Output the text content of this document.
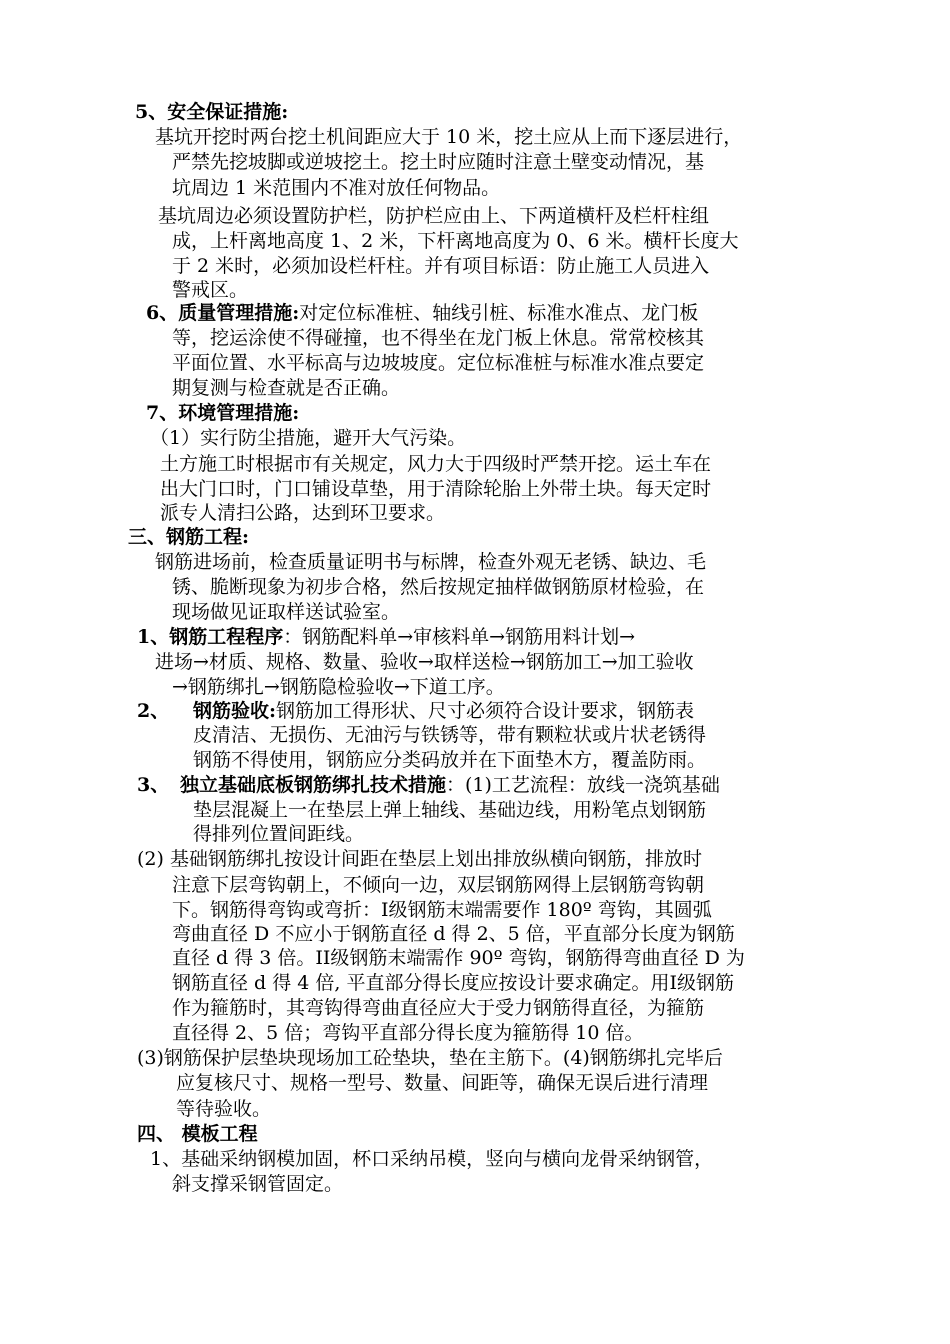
5、安全保证措施:
基坑开挖时两台挖土机间距应大于 10 米，挖土应从上而下逐层进行，
严禁先挖坡脚或逆坡挖土。挖土时应随时注意土壁变动情况，基
坑周边 1 米范围内不准对放任何物品。
基坑周边必须设置防护栏，防护栏应由上、下两道横杆及栏杆柱组
成，上杆离地高度 1、2 米，下杆离地高度为 0、6 米。横杆长度大
于 2 米时，必须加设栏杆柱。并有项目标语：防止施工人员进入
警戒区。
6、质量管理措施:对定位标准桩、轴线引桩、标准水准点、龙门板
等，挖运涂使不得碰撞，也不得坐在龙门板上休息。常常校核其
平面位置、水平标高与边坡坡度。定位标准桩与标准水准点要定
期复测与检查就是否正确。
7、环境管理措施:
（1）实行防尘措施，避开大气污染。
土方施工时根据市有关规定，风力大于四级时严禁开挖。运土车在
出大门口时，门口铺设草垫，用于清除轮胎上外带土块。每天定时
派专人清扫公路，达到环卫要求。
三、钢筋工程:
钢筋进场前，检查质量证明书与标牌，检查外观无老锈、缺边、毛
锈、脆断现象为初步合格，然后按规定抽样做钢筋原材检验，在
现场做见证取样送试验室。
1、钢筋工程程序：钢筋配料单→审核料单→钢筋用料计划→
进场→材质、规格、数量、验收→取样送检→钢筋加工→加工验收
→钢筋绑扎→钢筋隐检验收→下道工序。
2、 钢筋验收:钢筋加工得形状、尺寸必须符合设计要求，钢筋表
皮清洁、无损伤、无油污与铁锈等，带有颗粒状或片状老锈得
钢筋不得使用，钢筋应分类码放并在下面垫木方，覆盖防雨。
3、 独立基础底板钢筋绑扎技术措施：(1)工艺流程：放线一浇筑基础
垫层混凝上一在垫层上弹上轴线、基础边线，用粉笔点划钢筋
得排列位置间距线。
(2) 基础钢筋绑扎按设计间距在垫层上划出排放纵横向钢筋，排放时
注意下层弯钩朝上，不倾向一边，双层钢筋网得上层钢筋弯钩朝
下。钢筋得弯钩或弯折：I级钢筋末端需要作 180º 弯钩，其圆弧
弯曲直径 D 不应小于钢筋直径 d 得 2、5 倍，平直部分长度为钢筋
直径 d 得 3 倍。II级钢筋末端需作 90º 弯钩，钢筋得弯曲直径 D 为
钢筋直径 d 得 4 倍, 平直部分得长度应按设计要求确定。用Ⅰ级钢筋
作为箍筋时，其弯钩得弯曲直径应大于受力钢筋得直径，为箍筋
直径得 2、5 倍；弯钩平直部分得长度为箍筋得 10 倍。
(3)钢筋保护层垫块现场加工砼垫块，垫在主筋下。(4)钢筋绑扎完毕后
应复核尺寸、规格一型号、数量、间距等，确保无误后进行清理
等待验收。
四、 模板工程
1、基础采纳钢模加固，杯口采纳吊模，竖向与横向龙骨采纳钢管，
斜支撑采钢管固定。
